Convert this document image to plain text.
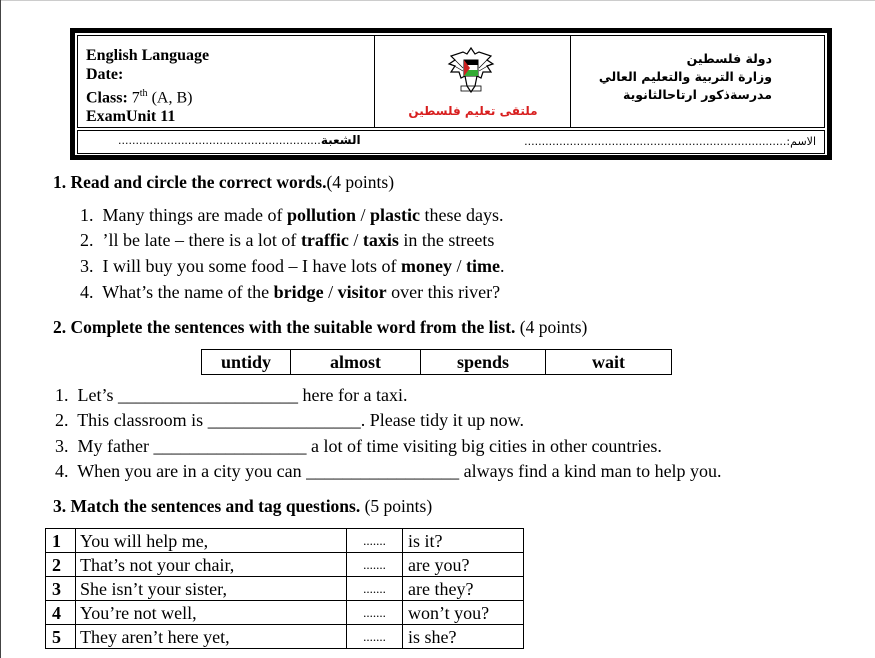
English Language
Date:
Class: 7th (A, B)
ExamUnit 11	ملتقى تعليم فلسطين
دولة فلسطين
وزارة التربية والتعليم العالي
مدرسةذكور ارتاحالثانوية
الاسم:...........................................................................
الشعبة..........................................................
1. Read and circle the correct words.(4 points)
1. Many things are made of pollution / plastic these days.
2. ’ll be late – there is a lot of traffic / taxis in the streets
3. I will buy you some food – I have lots of money / time.
4. What’s the name of the bridge / visitor over this river?
2. Complete the sentences with the suitable word from the list. (4 points)
untidy	almost	spends	wait
1. Let’s ____________________ here for a taxi.
2. This classroom is _________________. Please tidy it up now.
3. My father _________________ a lot of time visiting big cities in other countries.
4. When you are in a city you can _________________ always find a kind man to help you.
3. Match the sentences and tag questions. (5 points)
1	You will help me,	.......	is it?
2	That’s not your chair,	.......	are you?
3	She isn’t your sister,	.......	are they?
4	You’re not well,	.......	won’t you?
5	They aren’t here yet,	.......	is she?
